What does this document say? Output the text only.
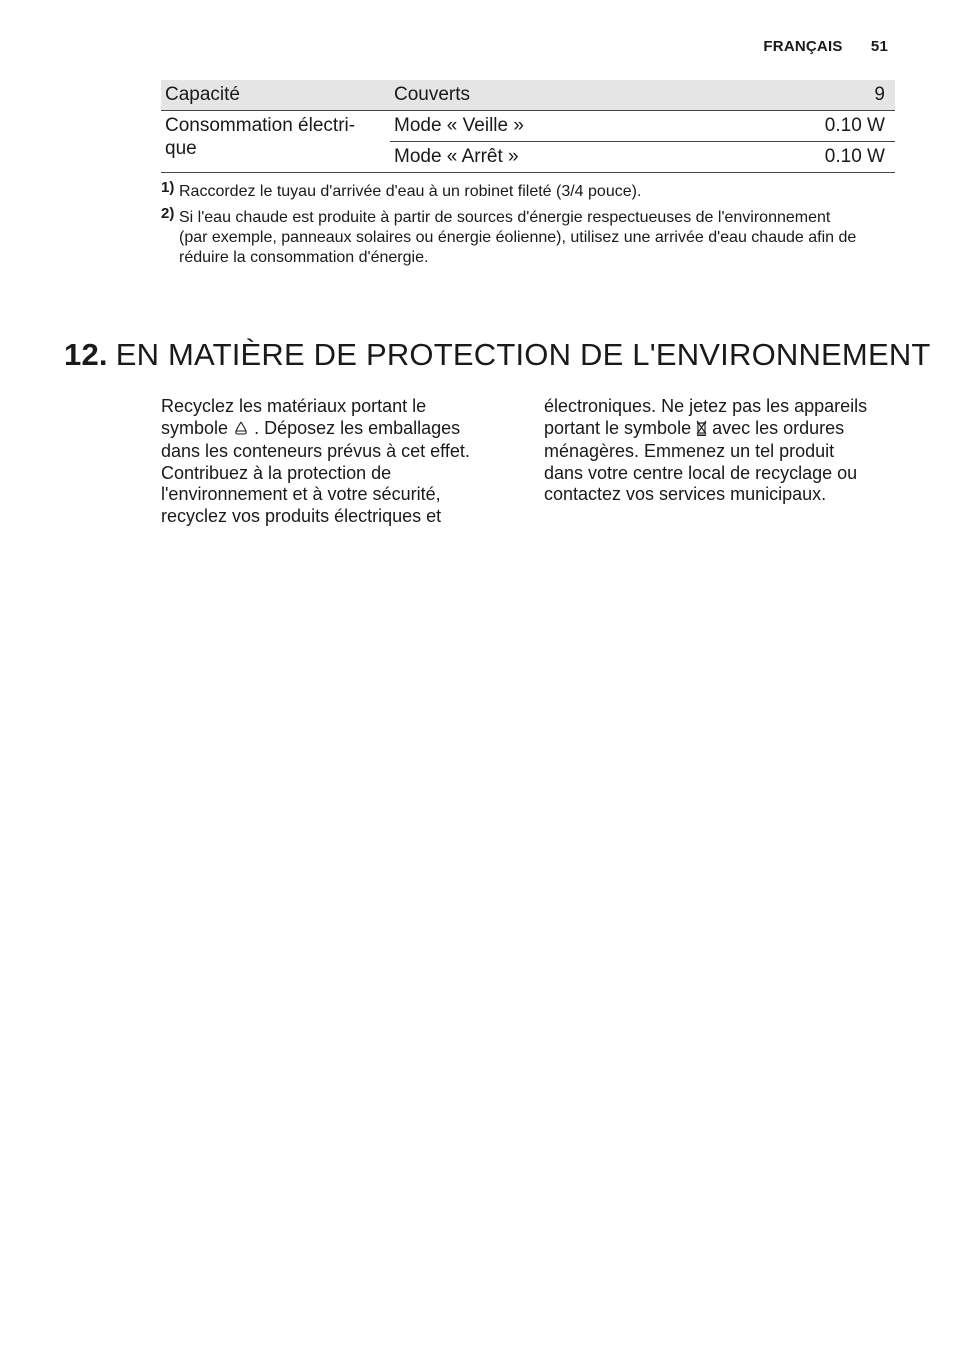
FRANÇAIS 51
Capacité	Couverts	9
Consommation électri-
que	Mode « Veille »	0.10 W
	Mode « Arrêt »	0.10 W
1) Raccordez le tuyau d'arrivée d'eau à un robinet fileté (3/4 pouce).
2) Si l'eau chaude est produite à partir de sources d'énergie respectueuses de l'environnement (par exemple, panneaux solaires ou énergie éolienne), utilisez une arrivée d'eau chaude afin de réduire la consommation d'énergie.
12. EN MATIÈRE DE PROTECTION DE L'ENVIRONNEMENT
Recyclez les matériaux portant le symbole . Déposez les emballages dans les conteneurs prévus à cet effet.
Contribuez à la protection de l'environnement et à votre sécurité, recyclez vos produits électriques et
électroniques. Ne jetez pas les appareils portant le symbole avec les ordures ménagères. Emmenez un tel produit dans votre centre local de recyclage ou contactez vos services municipaux.
